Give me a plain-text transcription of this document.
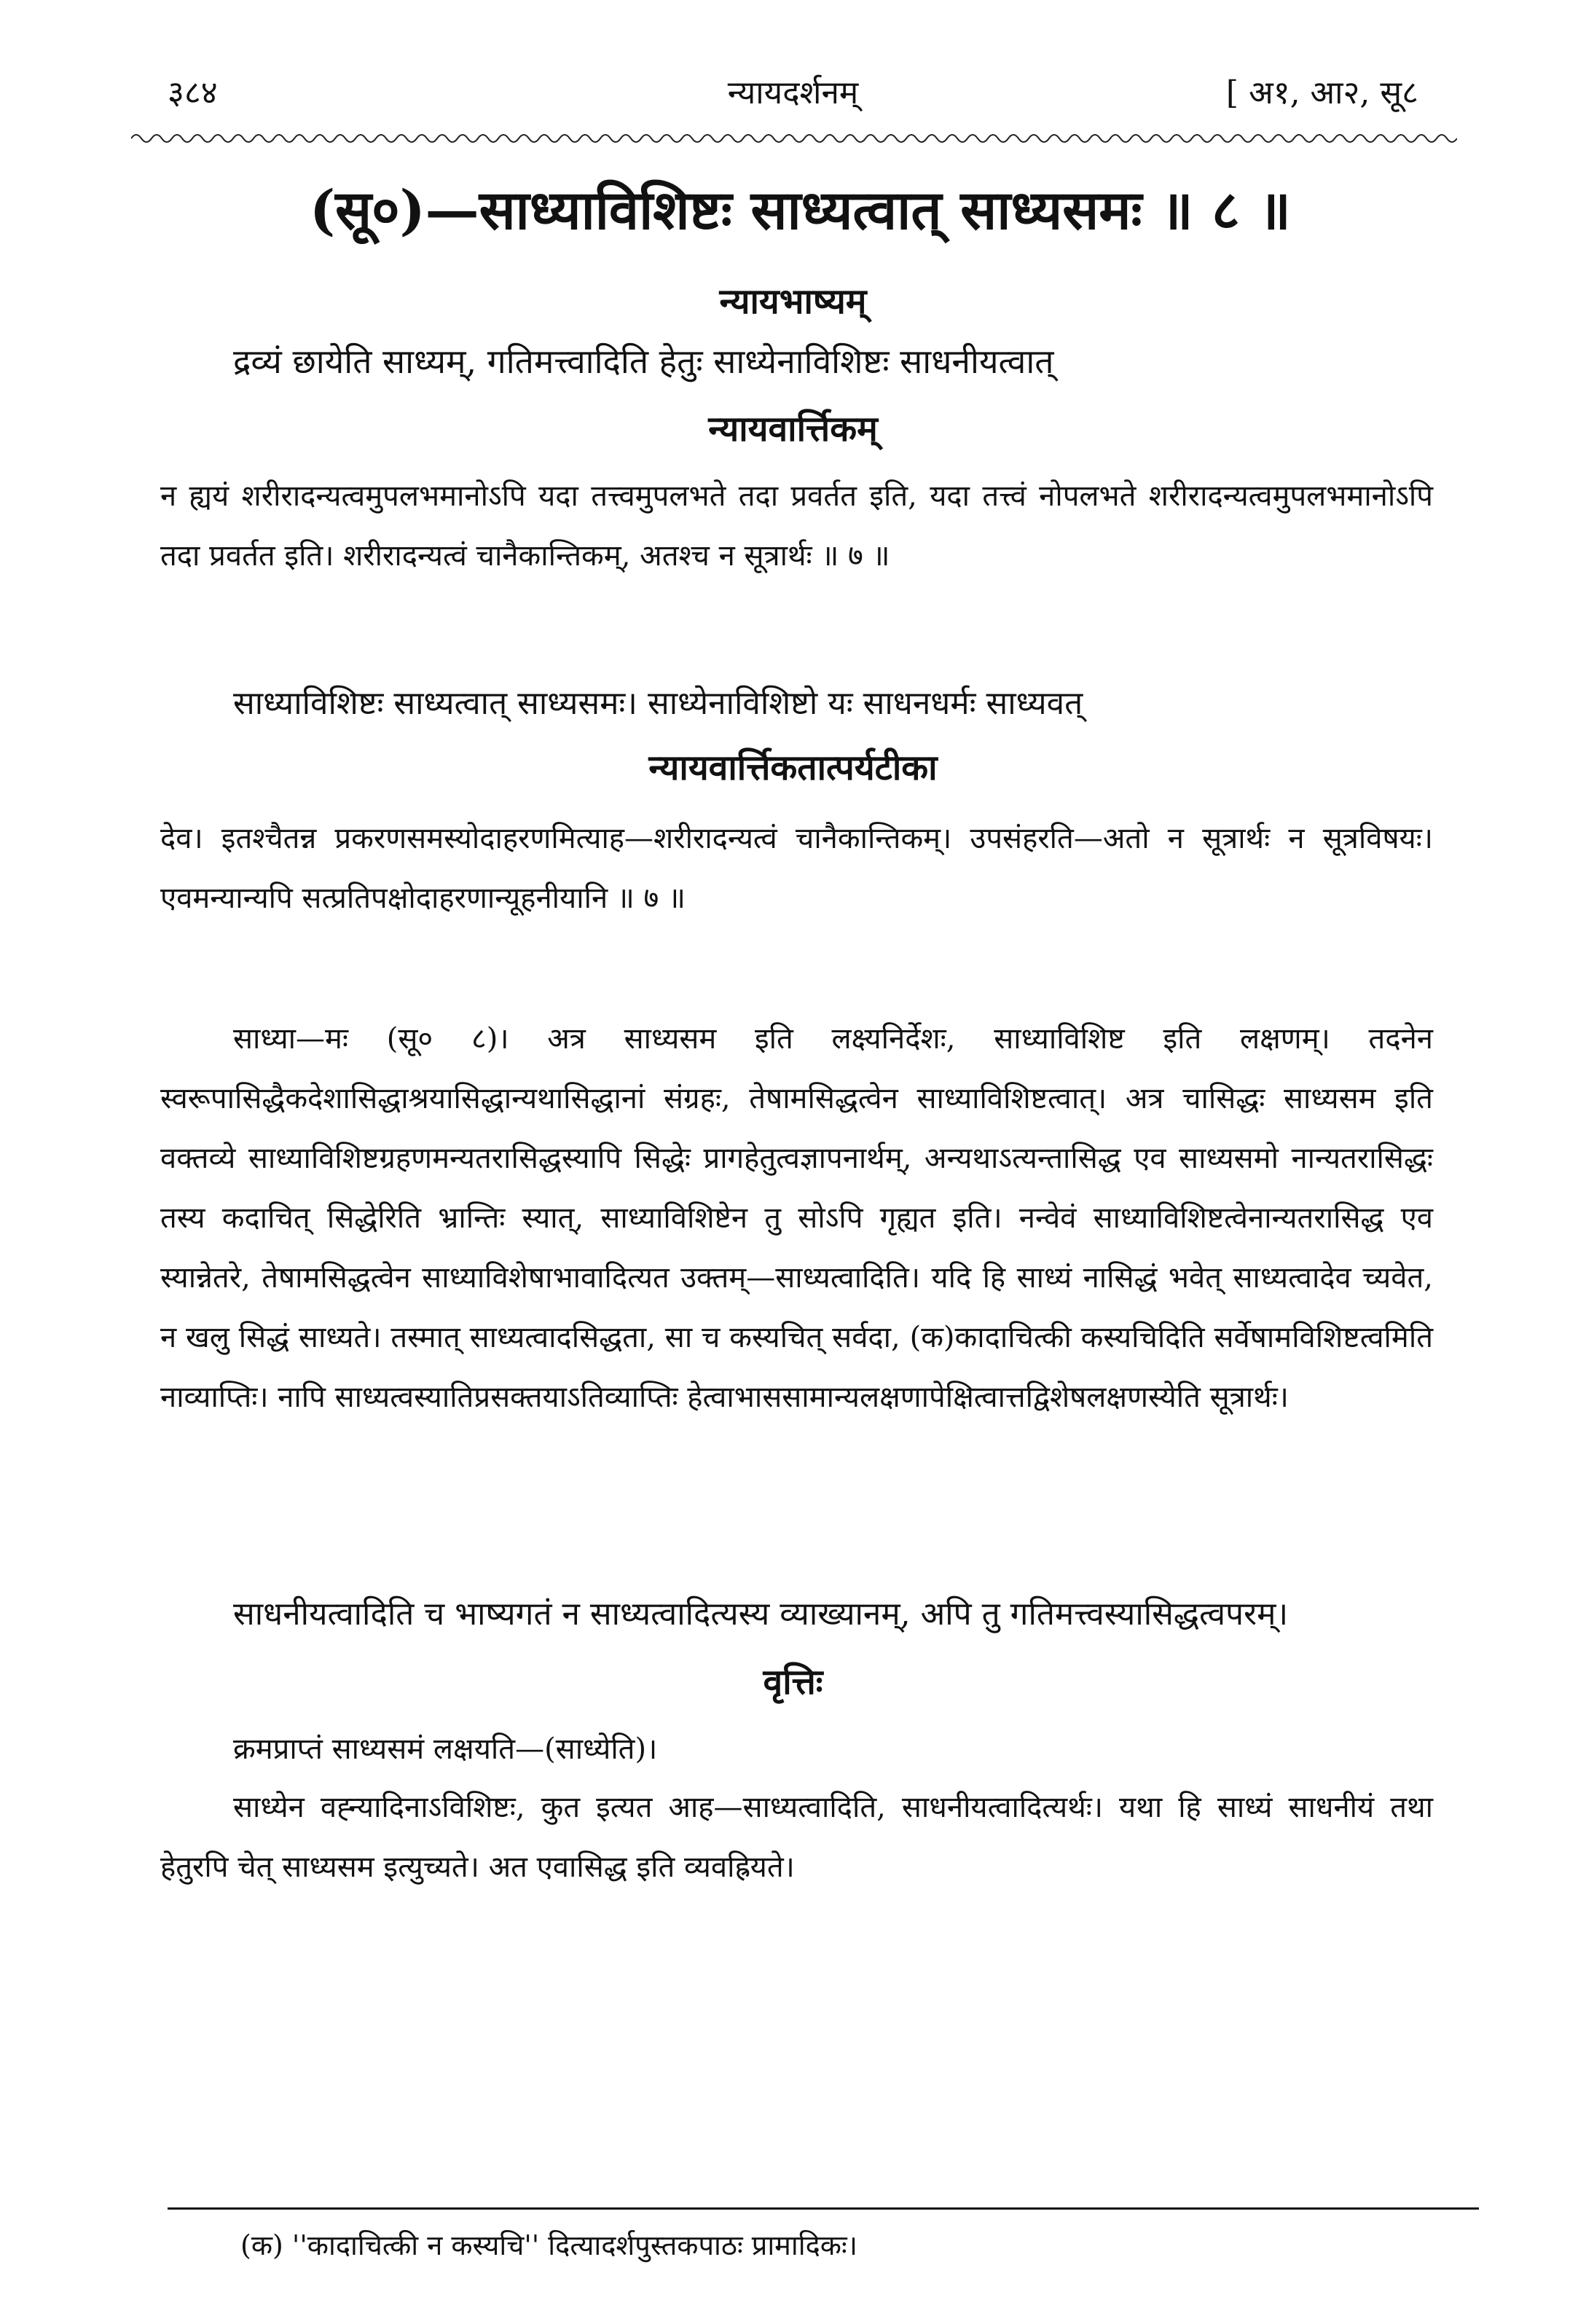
३८४	न्यायदर्शनम्	[ अ१, आ२, सू८
(सू०)—साध्याविशिष्टः साध्यत्वात् साध्यसमः ॥ ८ ॥
न्यायभाष्यम्
द्रव्यं छायेति साध्यम्, गतिमत्त्वादिति हेतुः साध्येनाविशिष्टः साधनीयत्वात्
न्यायवार्त्तिकम्
न ह्ययं शरीरादन्यत्वमुपलभमानोऽपि यदा तत्त्वमुपलभते तदा प्रवर्तत इति, यदा तत्त्वं नोपलभते शरीरादन्यत्वमुपलभमानोऽपि तदा प्रवर्तत इति। शरीरादन्यत्वं चानैकान्तिकम्, अतश्च न सूत्रार्थः ॥ ७ ॥
साध्याविशिष्टः साध्यत्वात् साध्यसमः। साध्येनाविशिष्टो यः साधनधर्मः साध्यवत्
न्यायवार्त्तिकतात्पर्यटीका
देव। इतश्चैतन्न प्रकरणसमस्योदाहरणमित्याह—शरीरादन्यत्वं चानैकान्तिकम्। उपसंहरति—अतो न सूत्रार्थः न सूत्रविषयः। एवमन्यान्यपि सत्प्रतिपक्षोदाहरणान्यूहनीयानि ॥ ७ ॥
साध्या—मः (सू० ८)। अत्र साध्यसम इति लक्ष्यनिर्देशः, साध्याविशिष्ट इति लक्षणम्। तदनेन स्वरूपासिद्धैकदेशासिद्धाश्रयासिद्धान्यथासिद्धानां संग्रहः, तेषामसिद्धत्वेन साध्याविशिष्टत्वात्। अत्र चासिद्धः साध्यसम इति वक्तव्ये साध्याविशिष्टग्रहणमन्यतरासिद्धस्यापि सिद्धेः प्रागहेतुत्वज्ञापनार्थम्, अन्यथाऽत्यन्तासिद्ध एव साध्यसमो नान्यतरासिद्धः तस्य कदाचित् सिद्धेरिति भ्रान्तिः स्यात्, साध्याविशिष्टेन तु सोऽपि गृह्यत इति। नन्वेवं साध्याविशिष्टत्वेनान्यतरासिद्ध एव स्यान्नेतरे, तेषामसिद्धत्वेन साध्याविशेषाभावादित्यत उक्तम्—साध्यत्वादिति। यदि हि साध्यं नासिद्धं भवेत् साध्यत्वादेव च्यवेत, न खलु सिद्धं साध्यते। तस्मात् साध्यत्वादसिद्धता, सा च कस्यचित् सर्वदा, (क)कादाचित्की कस्यचिदिति सर्वेषामविशिष्टत्वमिति नाव्याप्तिः। नापि साध्यत्वस्यातिप्रसक्तयाऽतिव्याप्तिः हेत्वाभाससामान्यलक्षणापेक्षित्वात्तद्विशेषलक्षणस्येति सूत्रार्थः।
साधनीयत्वादिति च भाष्यगतं न साध्यत्वादित्यस्य व्याख्यानम्, अपि तु गतिमत्त्वस्यासिद्धत्वपरम्।
वृत्तिः
क्रमप्राप्तं साध्यसमं लक्षयति—(साध्येति)।
साध्येन वह्न्यादिनाऽविशिष्टः, कुत इत्यत आह—साध्यत्वादिति, साधनीयत्वादित्यर्थः। यथा हि साध्यं साधनीयं तथा हेतुरपि चेत् साध्यसम इत्युच्यते। अत एवासिद्ध इति व्यवह्रियते।
(क) ''कादाचित्की न कस्यचि'' दित्यादर्शपुस्तकपाठः प्रामादिकः।
